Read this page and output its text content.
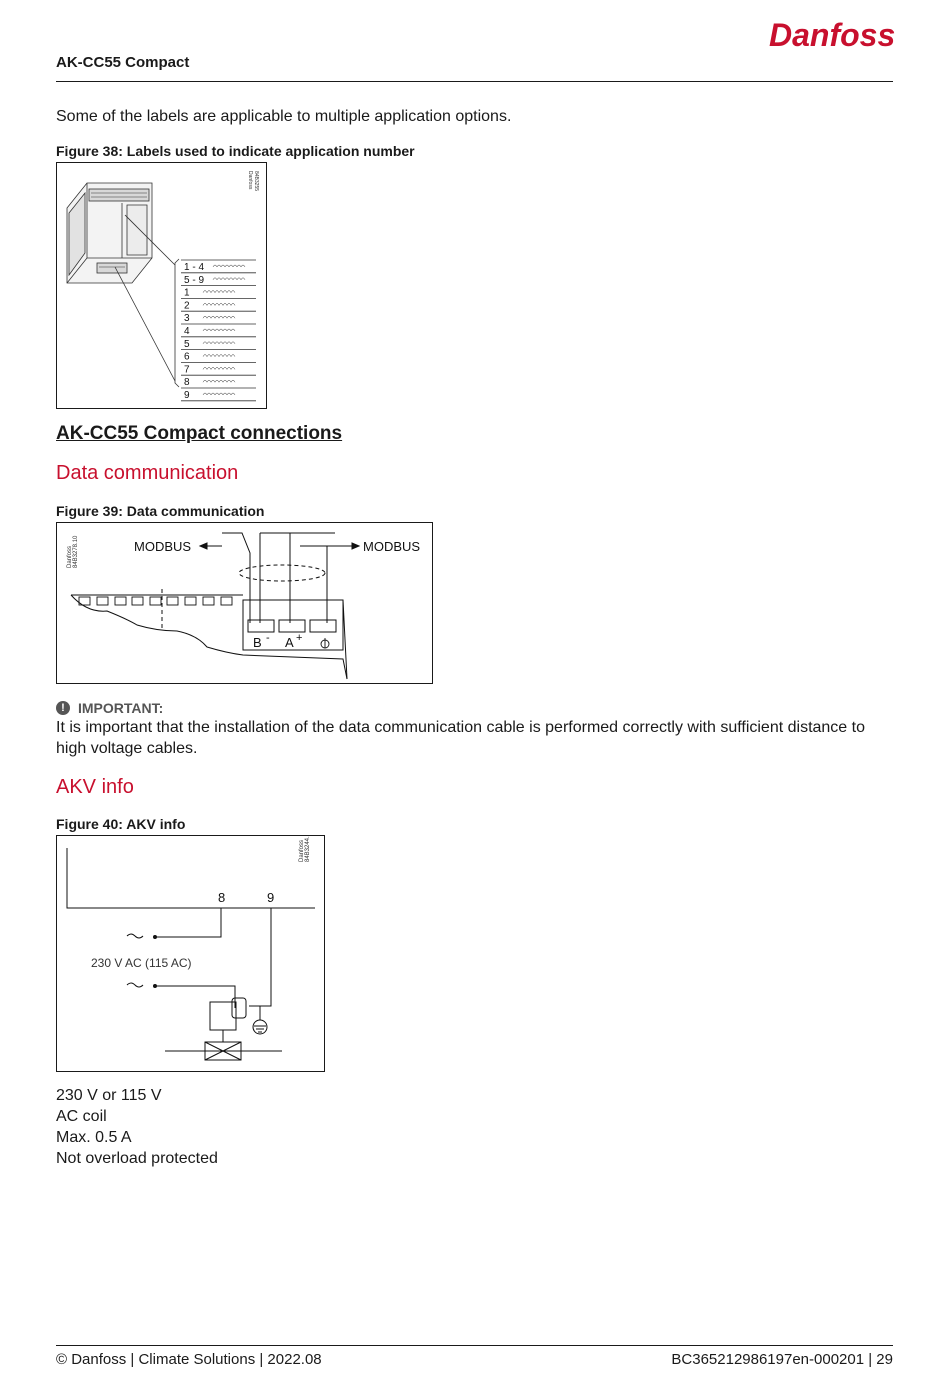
AK-CC55 Compact
Danfoss
Some of the labels are applicable to multiple application options.
Figure 38: Labels used to indicate application number
Danfoss 84B3255
1 - 4
5 - 9
1
2
3
4
5
6
7
8
9
AK-CC55 Compact connections
Data communication
Figure 39: Data communication
Danfoss 84B3278.10	MODBUS	MODBUS
B - A +
! IMPORTANT:
It is important that the installation of the data communication cable is performed correctly with sufficient distance to high voltage cables.
AKV info
Figure 40: AKV info
Danfoss 84B3244.10
8	9
230 V AC (115 AC)
230 V or 115 V
AC coil
Max. 0.5 A
Not overload protected
© Danfoss | Climate Solutions | 2022.08	BC365212986197en-000201 | 29
